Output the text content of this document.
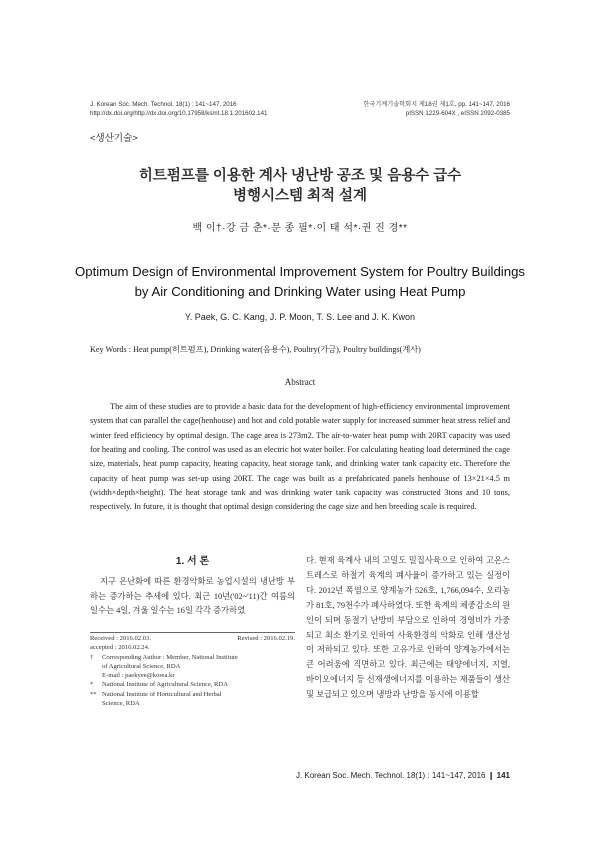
J. Korean Soc. Mech. Technol. 18(1) : 141~147, 2016
http://dx.doi.org/http://dx.doi.org/10.17958/ksmt.18.1.201602.141
한국기계기술학회지 제18권 제1호, pp. 141~147, 2016
pISSN 1229-604X , eISSN 2092-0385
<생산기술>
히트펌프를 이용한 계사 냉난방 공조 및 음용수 급수
병행시스템 최적 설계
백 이†·강 금 춘*·문 종 필*·이 태 석*·권 진 경**
Optimum Design of Environmental Improvement System for Poultry Buildings
by Air Conditioning and Drinking Water using Heat Pump
Y. Paek, G. C. Kang, J. P. Moon, T. S. Lee and J. K. Kwon
Key Words : Heat pump(히트펌프), Drinking water(음용수), Poultry(가금), Poultry buildings(계사)
Abstract
The aim of these studies are to provide a basic data for the development of high-efficiency environmental improvement system that can parallel the cage(henhouse) and hot and cold potable water supply for increased summer heat stress relief and winter feed efficiency by optimal design. The cage area is 273m2. The air-to-water heat pump with 20RT capacity was used for heating and cooling. The control was used as an electric hot water boiler. For calculating heating load determined the cage size, materials, heat pump capacity, heating capacity, heat storage tank, and drinking water tank capacity etc. Therefore the capacity of heat pump was set-up using 20RT. The cage was built as a prefabricated panels henhouse of 13×21×4.5 m (width×depth×height). The heat storage tank and was drinking water tank capacity was constructed 3tons and 10 tons, respectively. In future, it is thought that optimal design considering the cage size and hen breeding scale is required.
1. 서 론
지구 온난화에 따른 환경악화로 농업시설의 냉난방 부하는 증가하는 추세에 있다. 최근 10년('02~'11)간 여름의 일수는 4일, 겨울 일수는 16일 각각 증가하였
다. 현재 육계사 내의 고밀도 밀집사육으로 인하여 고온스트레스로 하절기 육계의 폐사율이 증가하고 있는 실정이다. 2012년 폭염으로 양계농가 526호, 1,766,094수, 오리농가 81호, 79천수가 폐사하였다. 또한 육계의 체중감소의 원인이 되며 동절기 난방비 부담으로 인하여 경영비가 가중되고 최소 환기로 인하여 사육환경의 악화로 인해 생산성이 저하되고 있다. 또한 고유가로 인하여 양계농가에서는 큰 어려움에 직면하고 있다. 최근에는 태양에너지, 지열, 바이오에너지 등 신재생에너지를 이용하는 제품들이 생산 및 보급되고 있으며 냉방과 난방을 동시에 이용할
Received : 2016.02.03.	Revised : 2016.02.19.
accepted : 2016.02.24.
† Corresponding Author : Member, National Institute
of Agricultural Science, RDA
E-mail : paekyee@korea.kr
* National Institute of Agricultural Science, RDA
** National Institute of Horticultural and Herbal
Science, RDA
J. Korean Soc. Mech. Technol. 18(1) : 141~147, 2016 ❙ 141
